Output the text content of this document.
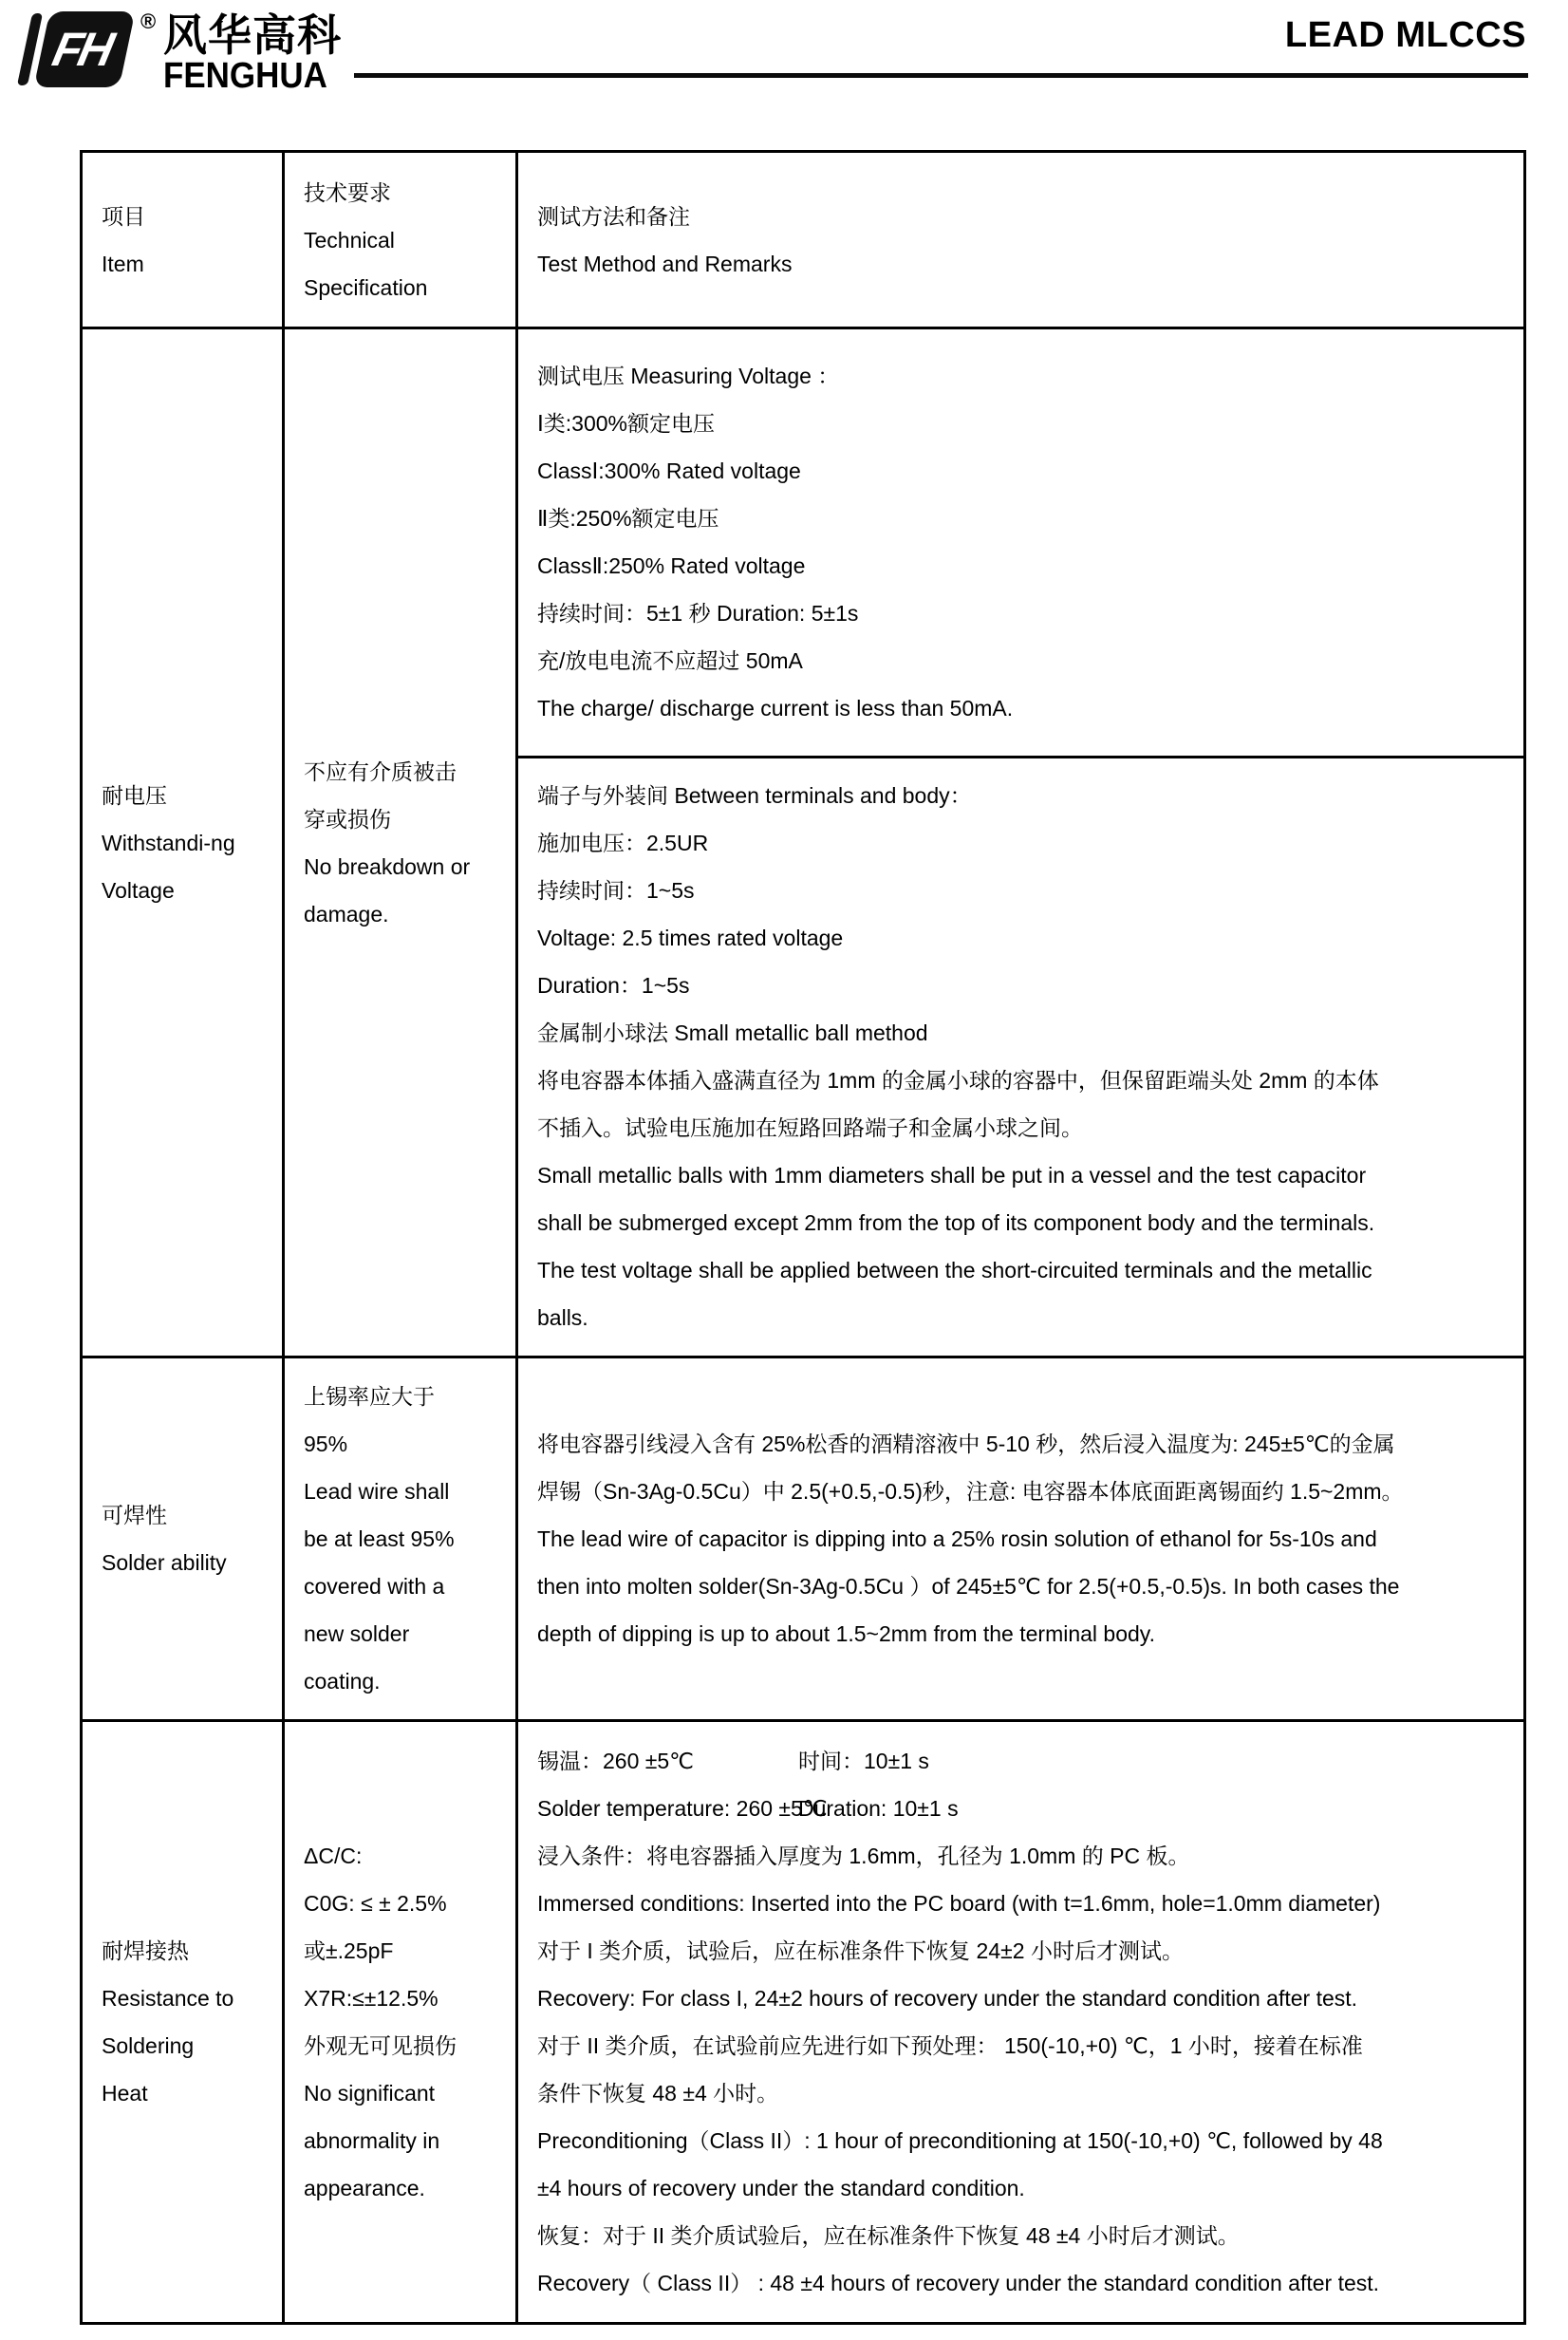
FH
® 风华高科
FENGHUA
LEAD MLCCS
项目
Item
技术要求
Technical
Specification
测试方法和备注
Test Method and Remarks
耐电压
Withstandi-ng
Voltage
不应有介质被击
穿或损伤
No breakdown or
damage.
测试电压 Measuring Voltage ：
Ⅰ类:300%额定电压
ClassⅠ:300% Rated voltage
Ⅱ类:250%额定电压
ClassⅡ:250% Rated voltage
持续时间：5±1 秒 Duration: 5±1s
充/放电电流不应超过 50mA
The charge/ discharge current is less than 50mA.
端子与外装间 Between terminals and body：
施加电压：2.5UR
持续时间：1~5s
Voltage: 2.5 times rated voltage
Duration：1~5s
金属制小球法 Small metallic ball method
将电容器本体插入盛满直径为 1mm 的金属小球的容器中，但保留距端头处 2mm 的本体
不插入。试验电压施加在短路回路端子和金属小球之间。
Small metallic balls with 1mm diameters shall be put in a vessel and the test capacitor
shall be submerged except 2mm from the top of its component body and the terminals.
The test voltage shall be applied between the short-circuited terminals and the metallic
balls.
可焊性
Solder ability
上锡率应大于
95%
Lead wire shall
be at least 95%
covered with a
new solder
coating.
将电容器引线浸入含有 25%松香的酒精溶液中 5-10 秒，然后浸入温度为: 245±5℃的金属
焊锡（Sn-3Ag-0.5Cu）中 2.5(+0.5,-0.5)秒，注意: 电容器本体底面距离锡面约 1.5~2mm。
The lead wire of capacitor is dipping into a 25% rosin solution of ethanol for 5s-10s and
then into molten solder(Sn-3Ag-0.5Cu ）of 245±5℃ for 2.5(+0.5,-0.5)s. In both cases the
depth of dipping is up to about 1.5~2mm from the terminal body.
耐焊接热
Resistance to
Soldering
Heat
ΔC/C:
C0G: ≤ ± 2.5%
或±.25pF
X7R:≤±12.5%
外观无可见损伤
No significant
abnormality in
appearance.
锡温：260 ±5℃	时间：10±1 s
Solder temperature: 260 ±5℃
Duration: 10±1 s
浸入条件：将电容器插入厚度为 1.6mm，孔径为 1.0mm 的 PC 板。
Immersed conditions: Inserted into the PC board (with t=1.6mm, hole=1.0mm diameter)
对于 I 类介质，试验后，应在标准条件下恢复 24±2 小时后才测试。
Recovery: For class I, 24±2 hours of recovery under the standard condition after test.
对于 II 类介质，在试验前应先进行如下预处理： 150(-10,+0) ℃，1 小时，接着在标准
条件下恢复 48 ±4 小时。
Preconditioning（Class II）: 1 hour of preconditioning at 150(-10,+0) ℃, followed by 48
±4 hours of recovery under the standard condition.
恢复：对于 II 类介质试验后，应在标准条件下恢复 48 ±4 小时后才测试。
Recovery（ Class II） : 48 ±4 hours of recovery under the standard condition after test.
